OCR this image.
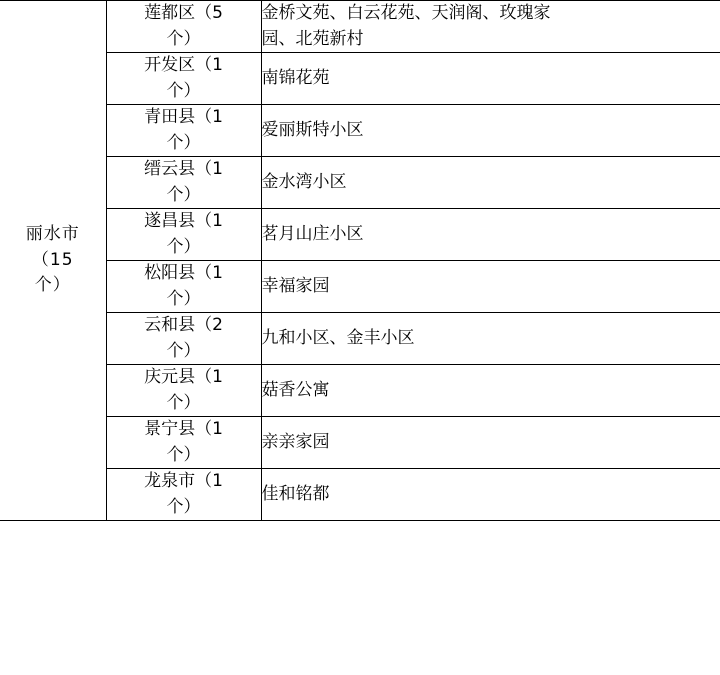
丽水市
（15
个）	莲都区（5
个）	金桥文苑、白云花苑、天润阁、玫瑰家
园、北苑新村

	开发区（1
个）	南锦花苑

	青田县（1
个）	爱丽斯特小区

	缙云县（1
个）	金水湾小区

	遂昌县（1
个）	茗月山庄小区

	松阳县（1
个）	幸福家园

	云和县（2
个）	九和小区、金丰小区

	庆元县（1
个）	菇香公寓

	景宁县（1
个）	亲亲家园

	龙泉市（1
个）	佳和铭都
